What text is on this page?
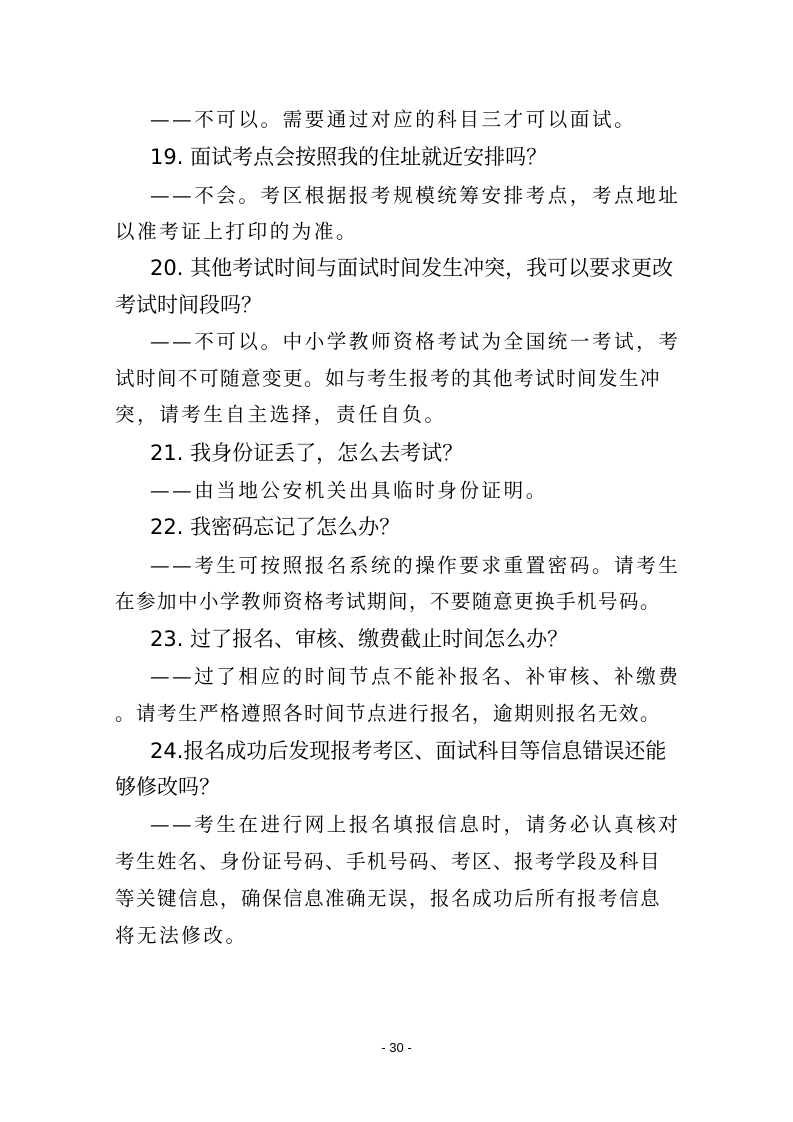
——不可以。需要通过对应的科目三才可以面试。
19. 面试考点会按照我的住址就近安排吗？
——不会。考区根据报考规模统筹安排考点，考点地址
以准考证上打印的为准。
20. 其他考试时间与面试时间发生冲突，我可以要求更改
考试时间段吗？
——不可以。中小学教师资格考试为全国统一考试，考
试时间不可随意变更。如与考生报考的其他考试时间发生冲
突，请考生自主选择，责任自负。
21. 我身份证丢了，怎么去考试？
——由当地公安机关出具临时身份证明。
22. 我密码忘记了怎么办？
——考生可按照报名系统的操作要求重置密码。请考生
在参加中小学教师资格考试期间，不要随意更换手机号码。
23. 过了报名、审核、缴费截止时间怎么办？
——过了相应的时间节点不能补报名、补审核、补缴费
。请考生严格遵照各时间节点进行报名，逾期则报名无效。
24.报名成功后发现报考考区、面试科目等信息错误还能
够修改吗？
——考生在进行网上报名填报信息时，请务必认真核对
考生姓名、身份证号码、手机号码、考区、报考学段及科目
等关键信息，确保信息准确无误，报名成功后所有报考信息
将无法修改。
- 30 -
